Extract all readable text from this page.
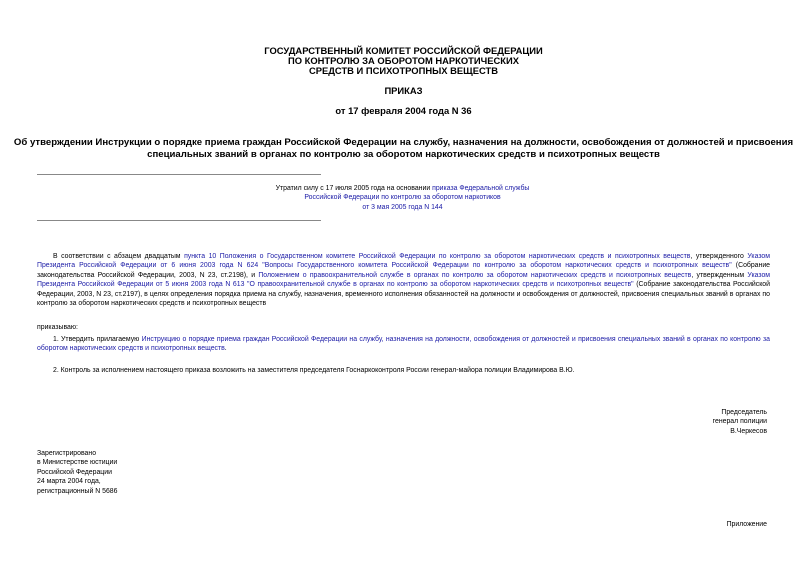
ГОСУДАРСТВЕННЫЙ КОМИТЕТ РОССИЙСКОЙ ФЕДЕРАЦИИ
ПО КОНТРОЛЮ ЗА ОБОРОТОМ НАРКОТИЧЕСКИХ
СРЕДСТВ И ПСИХОТРОПНЫХ ВЕЩЕСТВ
ПРИКАЗ
от 17 февраля 2004 года N 36
Об утверждении Инструкции о порядке приема граждан Российской Федерации на службу, назначения на должности, освобождения от должностей и присвоения
специальных званий в органах по контролю за оборотом наркотических средств и психотропных веществ
Утратил силу с 17 июля 2005 года на основании приказа Федеральной службы
Российской Федерации по контролю за оборотом наркотиков
от 3 мая 2005 года N 144
В соответствии с абзацем двадцатым пункта 10 Положения о Государственном комитете Российской Федерации по контролю за оборотом наркотических средств и психотропных веществ, утвержденного Указом Президента Российской Федерации от 6 июня 2003 года N 624 "Вопросы Государственного комитета Российской Федерации по контролю за оборотом наркотических средств и психотропных веществ" (Собрание законодательства Российской Федерации, 2003, N 23, ст.2198), и Положением о правоохранительной службе в органах по контролю за оборотом наркотических средств и психотропных веществ, утвержденным Указом Президента Российской Федерации от 5 июня 2003 года N 613 "О правоохранительной службе в органах по контролю за оборотом наркотических средств и психотропных веществ" (Собрание законодательства Российской Федерации, 2003, N 23, ст.2197), в целях определения порядка приема на службу, назначения, временного исполнения обязанностей на должности и освобождения от должностей, присвоения специальных званий в органах по контролю за оборотом наркотических средств и психотропных веществ
приказываю:
1. Утвердить прилагаемую Инструкцию о порядке приема граждан Российской Федерации на службу, назначения на должности, освобождения от должностей и присвоения специальных званий в органах по контролю за оборотом наркотических средств и психотропных веществ.
2. Контроль за исполнением настоящего приказа возложить на заместителя председателя Госнаркоконтроля России генерал-майора полиции Владимирова В.Ю.
Председатель
генерал полиции
В.Черкесов
Зарегистрировано
в Министерстве юстиции
Российской Федерации
24 марта 2004 года,
регистрационный N 5686
Приложение
